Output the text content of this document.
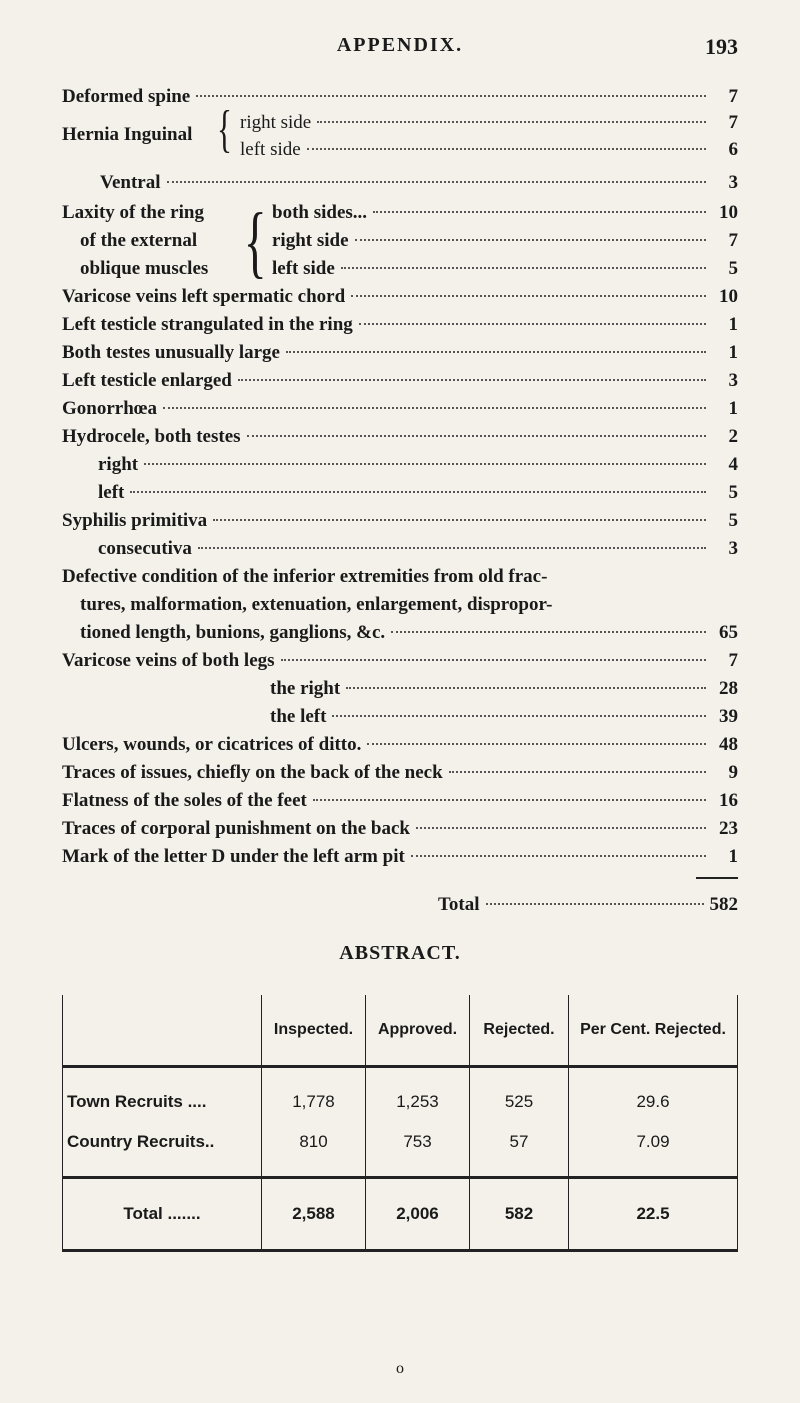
APPENDIX.	193
Deformed spine	7
Hernia Inguinal { right side	7
left side	6
Ventral	3
Laxity of the ring
of the external
oblique muscles { both sides...	10
right side	7
left side	5
Varicose veins left spermatic chord	10
Left testicle strangulated in the ring	1
Both testes unusually large	1
Left testicle enlarged	3
Gonorrhœa	1
Hydrocele, both testes	2
right	4
left	5
Syphilis primitiva	5
consecutiva	3
Defective condition of the inferior extremities from old frac-
tures, malformation, extenuation, enlargement, dispropor-
tioned length, bunions, ganglions, &c.	65
Varicose veins of both legs	7
the right	28
the left	39
Ulcers, wounds, or cicatrices of ditto.	48
Traces of issues, chiefly on the back of the neck	9
Flatness of the soles of the feet	16
Traces of corporal punishment on the back	23
Mark of the letter D under the left arm pit	1
Total	582
ABSTRACT.
	Inspected.	Approved.	Rejected.	Per Cent. Rejected.
Town Recruits ....	1,778	1,253	525	29.6
Country Recruits..	810	753	57	7.09
Total .......	2,588	2,006	582	22.5
o
